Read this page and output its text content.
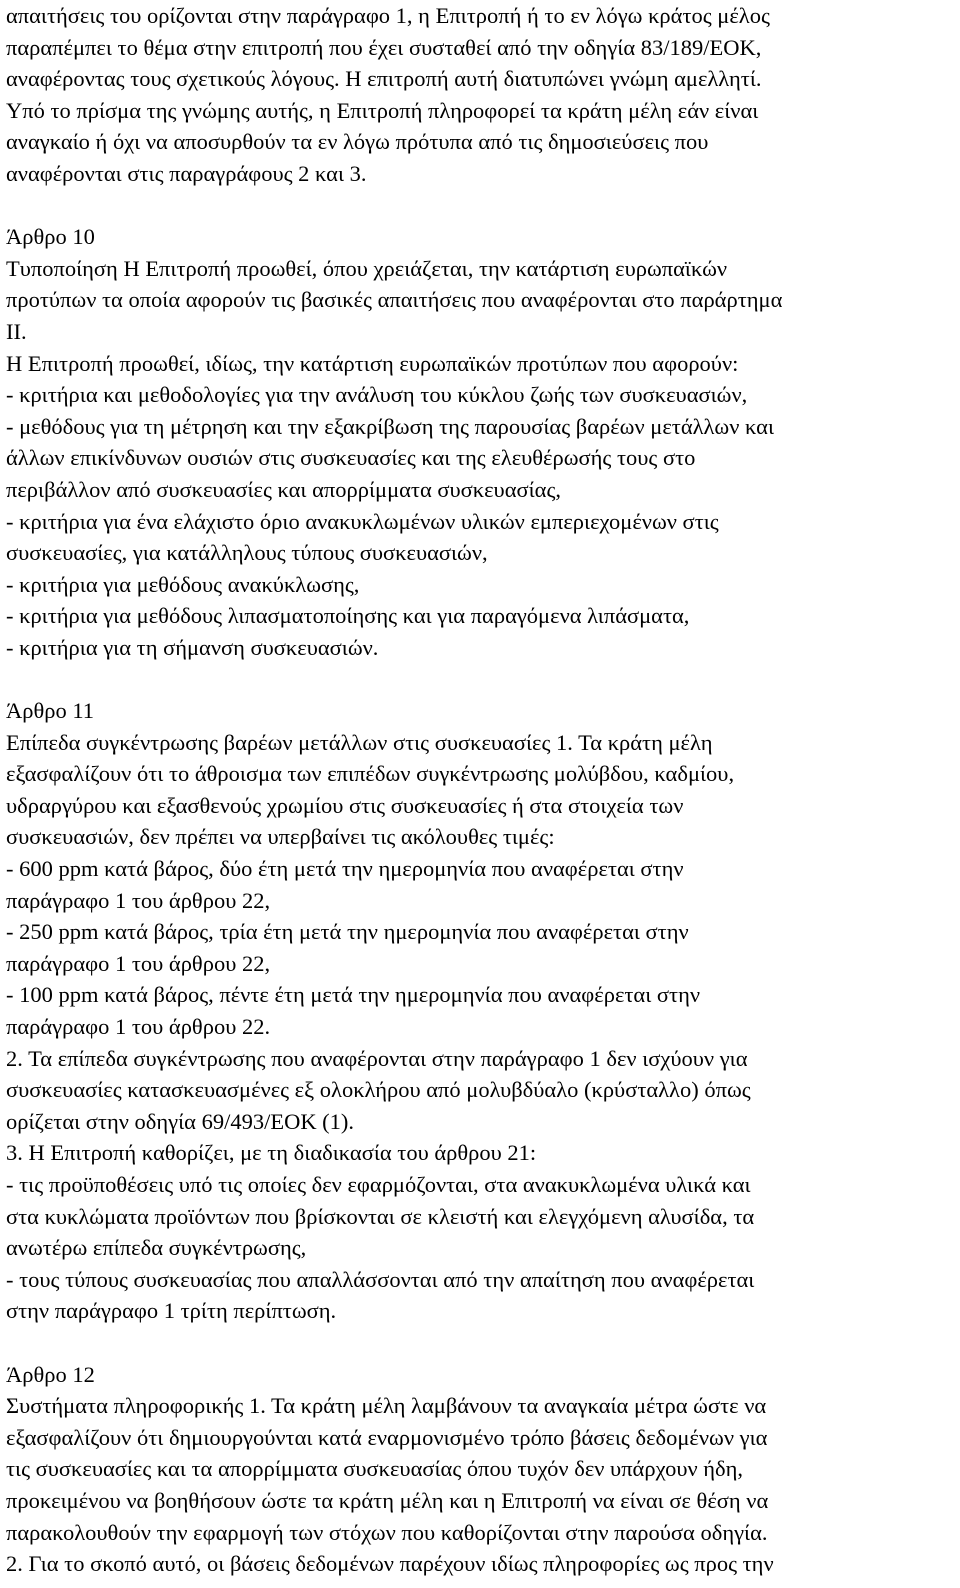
απαιτήσεις του ορίζονται στην παράγραφο 1, η Επιτροπή ή το εν λόγω κράτος μέλος
παραπέμπει το θέμα στην επιτροπή που έχει συσταθεί από την οδηγία 83/189/ΕΟΚ,
αναφέροντας τους σχετικούς λόγους. Η επιτροπή αυτή διατυπώνει γνώμη αμελλητί.
Υπό το πρίσμα της γνώμης αυτής, η Επιτροπή πληροφορεί τα κράτη μέλη εάν είναι
αναγκαίο ή όχι να αποσυρθούν τα εν λόγω πρότυπα από τις δημοσιεύσεις που
αναφέρονται στις παραγράφους 2 και 3.
Άρθρο 10
Τυποποίηση Η Επιτροπή προωθεί, όπου χρειάζεται, την κατάρτιση ευρωπαϊκών
προτύπων τα οποία αφορούν τις βασικές απαιτήσεις που αναφέρονται στο παράρτημα
ΙΙ.
Η Επιτροπή προωθεί, ιδίως, την κατάρτιση ευρωπαϊκών προτύπων που αφορούν:
- κριτήρια και μεθοδολογίες για την ανάλυση του κύκλου ζωής των συσκευασιών,
- μεθόδους για τη μέτρηση και την εξακρίβωση της παρουσίας βαρέων μετάλλων και
άλλων επικίνδυνων ουσιών στις συσκευασίες και της ελευθέρωσής τους στο
περιβάλλον από συσκευασίες και απορρίμματα συσκευασίας,
- κριτήρια για ένα ελάχιστο όριο ανακυκλωμένων υλικών εμπεριεχομένων στις
συσκευασίες, για κατάλληλους τύπους συσκευασιών,
- κριτήρια για μεθόδους ανακύκλωσης,
- κριτήρια για μεθόδους λιπασματοποίησης και για παραγόμενα λιπάσματα,
- κριτήρια για τη σήμανση συσκευασιών.
Άρθρο 11
Επίπεδα συγκέντρωσης βαρέων μετάλλων στις συσκευασίες 1. Τα κράτη μέλη
εξασφαλίζουν ότι το άθροισμα των επιπέδων συγκέντρωσης μολύβδου, καδμίου,
υδραργύρου και εξασθενούς χρωμίου στις συσκευασίες ή στα στοιχεία των
συσκευασιών, δεν πρέπει να υπερβαίνει τις ακόλουθες τιμές:
- 600 ppm κατά βάρος, δύο έτη μετά την ημερομηνία που αναφέρεται στην
παράγραφο 1 του άρθρου 22,
- 250 ppm κατά βάρος, τρία έτη μετά την ημερομηνία που αναφέρεται στην
παράγραφο 1 του άρθρου 22,
- 100 ppm κατά βάρος, πέντε έτη μετά την ημερομηνία που αναφέρεται στην
παράγραφο 1 του άρθρου 22.
2. Τα επίπεδα συγκέντρωσης που αναφέρονται στην παράγραφο 1 δεν ισχύουν για
συσκευασίες κατασκευασμένες εξ ολοκλήρου από μολυβδύαλο (κρύσταλλο) όπως
ορίζεται στην οδηγία 69/493/ΕΟΚ (1).
3. Η Επιτροπή καθορίζει, με τη διαδικασία του άρθρου 21:
- τις προϋποθέσεις υπό τις οποίες δεν εφαρμόζονται, στα ανακυκλωμένα υλικά και
στα κυκλώματα προϊόντων που βρίσκονται σε κλειστή και ελεγχόμενη αλυσίδα, τα
ανωτέρω επίπεδα συγκέντρωσης,
- τους τύπους συσκευασίας που απαλλάσσονται από την απαίτηση που αναφέρεται
στην παράγραφο 1 τρίτη περίπτωση.
Άρθρο 12
Συστήματα πληροφορικής 1. Τα κράτη μέλη λαμβάνουν τα αναγκαία μέτρα ώστε να
εξασφαλίζουν ότι δημιουργούνται κατά εναρμονισμένο τρόπο βάσεις δεδομένων για
τις συσκευασίες και τα απορρίμματα συσκευασίας όπου τυχόν δεν υπάρχουν ήδη,
προκειμένου να βοηθήσουν ώστε τα κράτη μέλη και η Επιτροπή να είναι σε θέση να
παρακολουθούν την εφαρμογή των στόχων που καθορίζονται στην παρούσα οδηγία.
2. Για το σκοπό αυτό, οι βάσεις δεδομένων παρέχουν ιδίως πληροφορίες ως προς την
